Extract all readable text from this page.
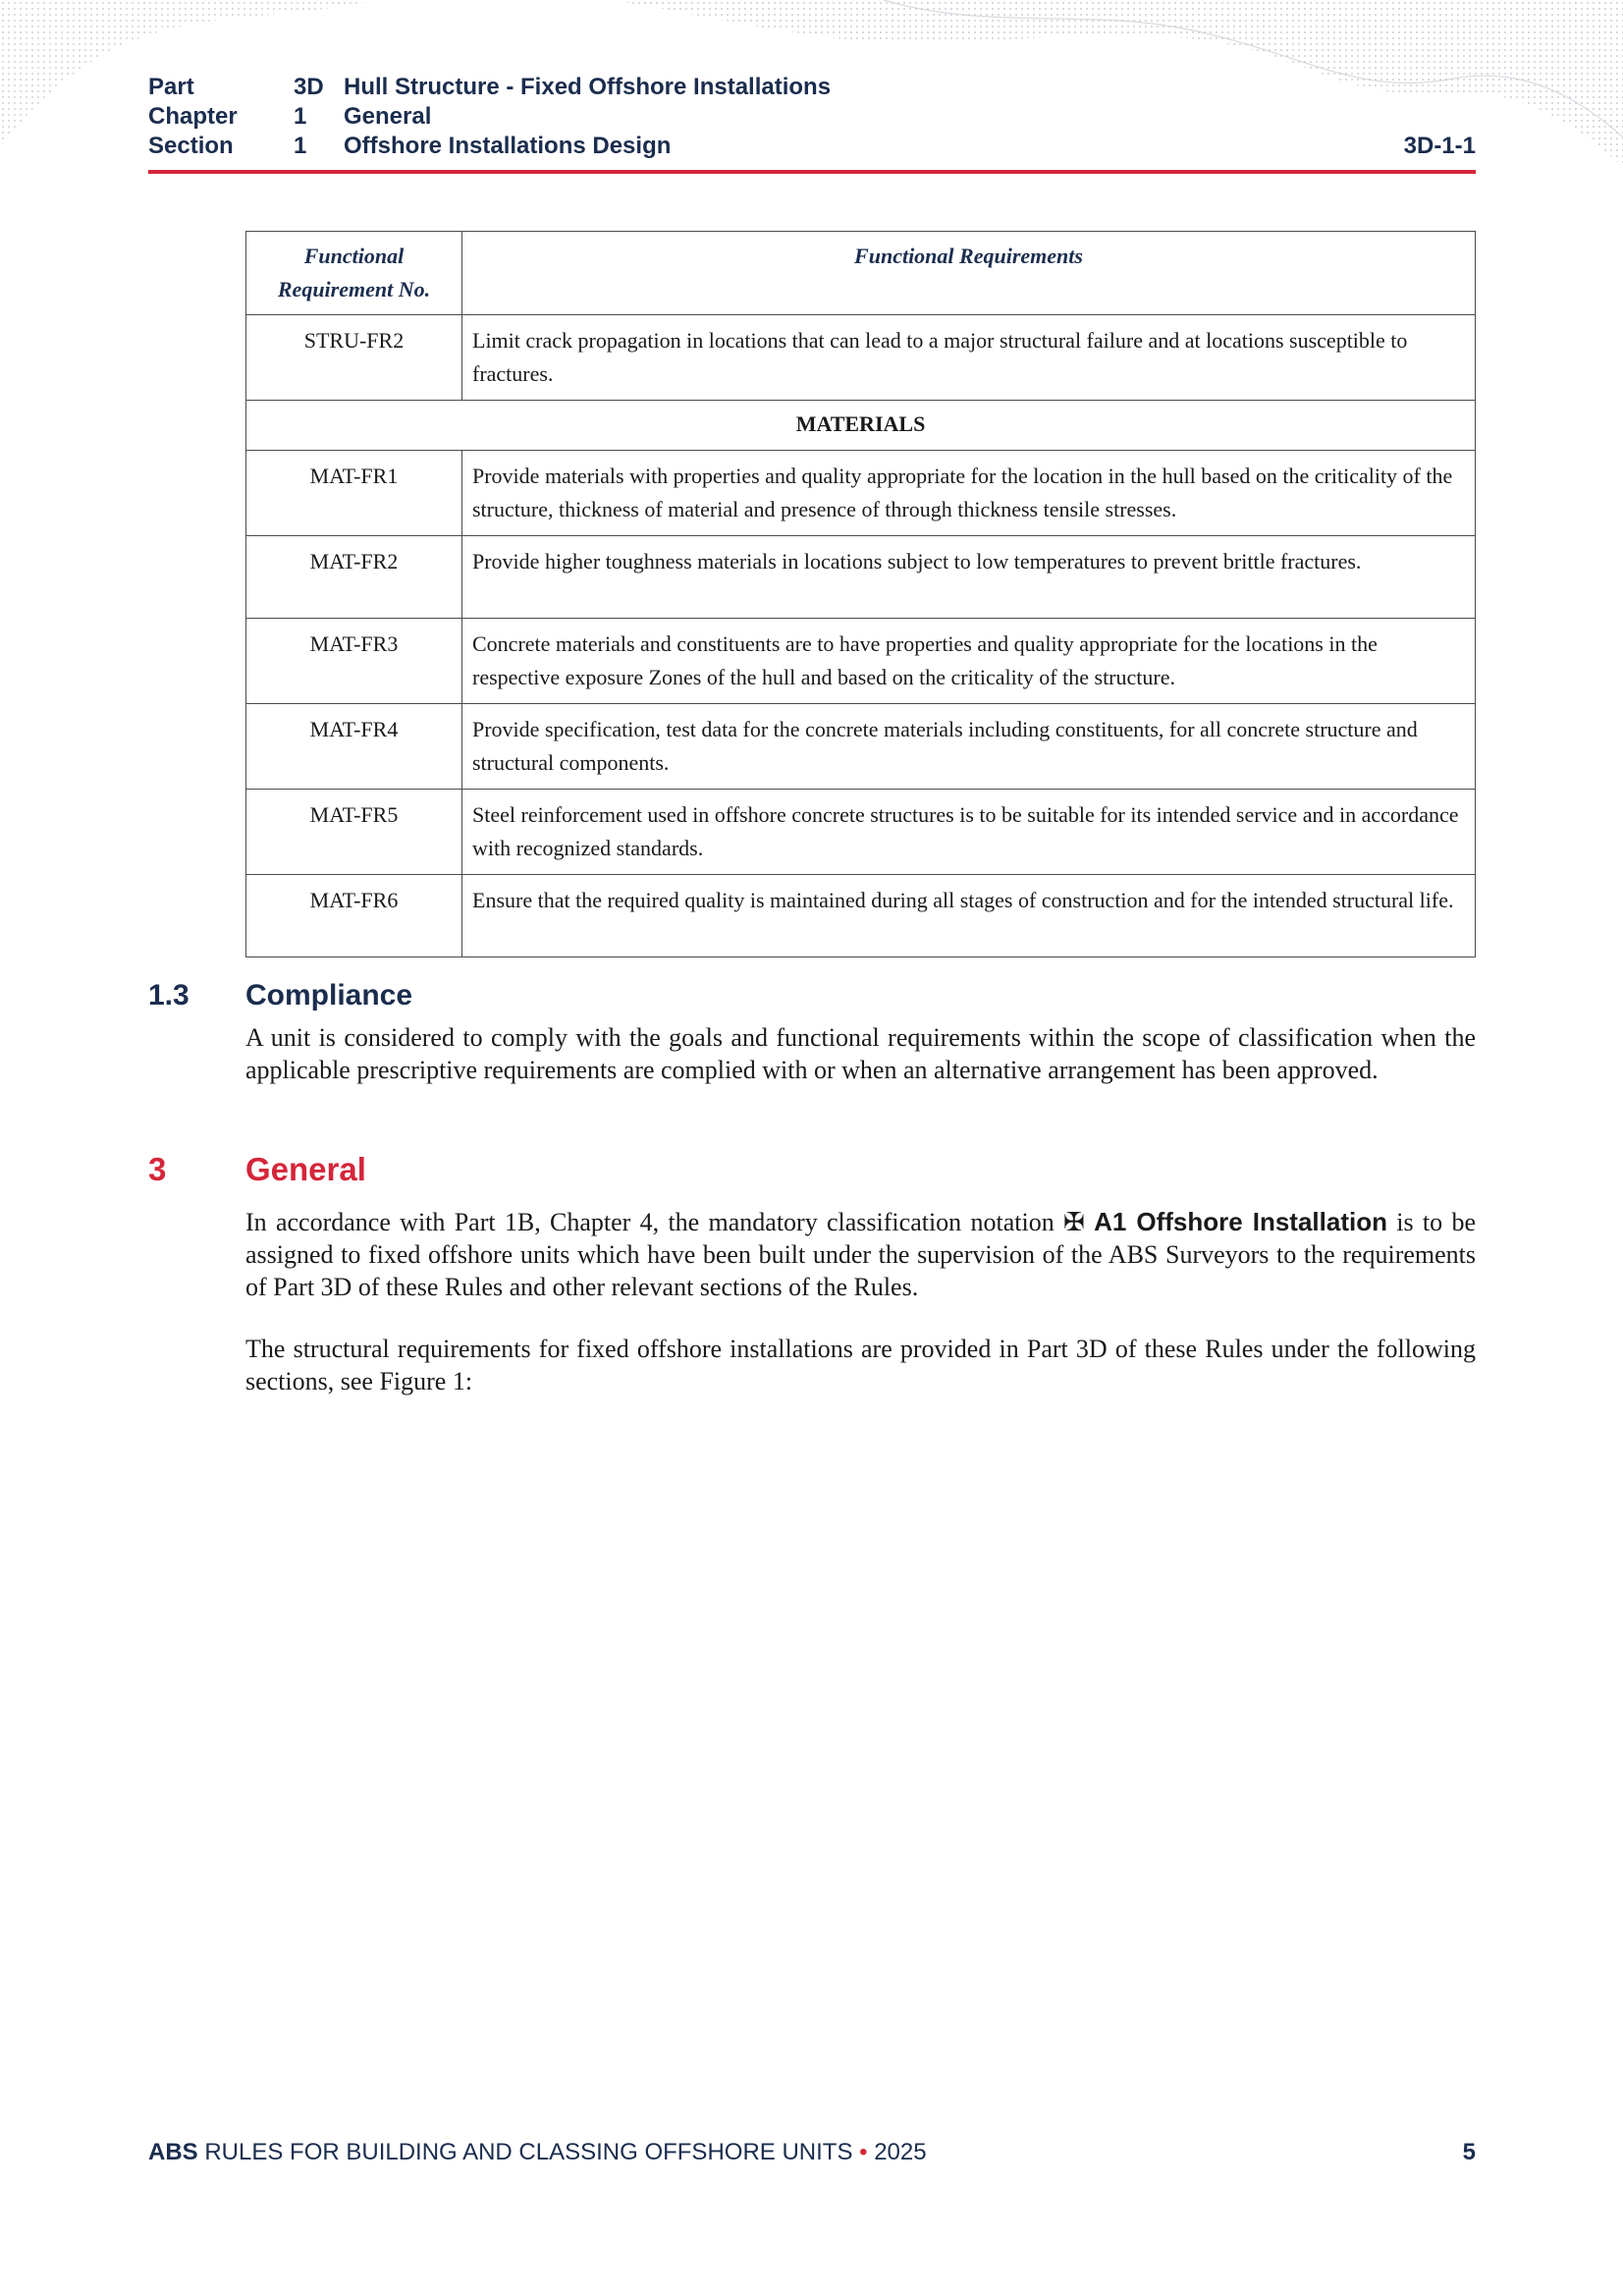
Part	3D Hull Structure - Fixed Offshore Installations
Chapter 1 General
Section	1 Offshore Installations Design	3D-1-1
Functional Requirement No.	Functional Requirements
STRU-FR2	Limit crack propagation in locations that can lead to a major structural failure and at locations susceptible to fractures.
MATERIALS	
MAT-FR1	Provide materials with properties and quality appropriate for the location in the hull based on the criticality of the structure, thickness of material and presence of through thickness tensile stresses.
MAT-FR2	Provide higher toughness materials in locations subject to low temperatures to prevent brittle fractures.
MAT-FR3	Concrete materials and constituents are to have properties and quality appropriate for the locations in the respective exposure Zones of the hull and based on the criticality of the structure.
MAT-FR4	Provide specification, test data for the concrete materials including constituents, for all concrete structure and structural components.
MAT-FR5	Steel reinforcement used in offshore concrete structures is to be suitable for its intended service and in accordance with recognized standards.
MAT-FR6	Ensure that the required quality is maintained during all stages of construction and for the intended structural life.
1.3 Compliance
A unit is considered to comply with the goals and functional requirements within the scope of classification when the applicable prescriptive requirements are complied with or when an alternative arrangement has been approved.
3 General
In accordance with Part 1B, Chapter 4, the mandatory classification notation ✠ A1 Offshore Installation is to be assigned to fixed offshore units which have been built under the supervision of the ABS Surveyors to the requirements of Part 3D of these Rules and other relevant sections of the Rules.
The structural requirements for fixed offshore installations are provided in Part 3D of these Rules under the following sections, see Figure 1:
ABS RULES FOR BUILDING AND CLASSING OFFSHORE UNITS • 2025	5
